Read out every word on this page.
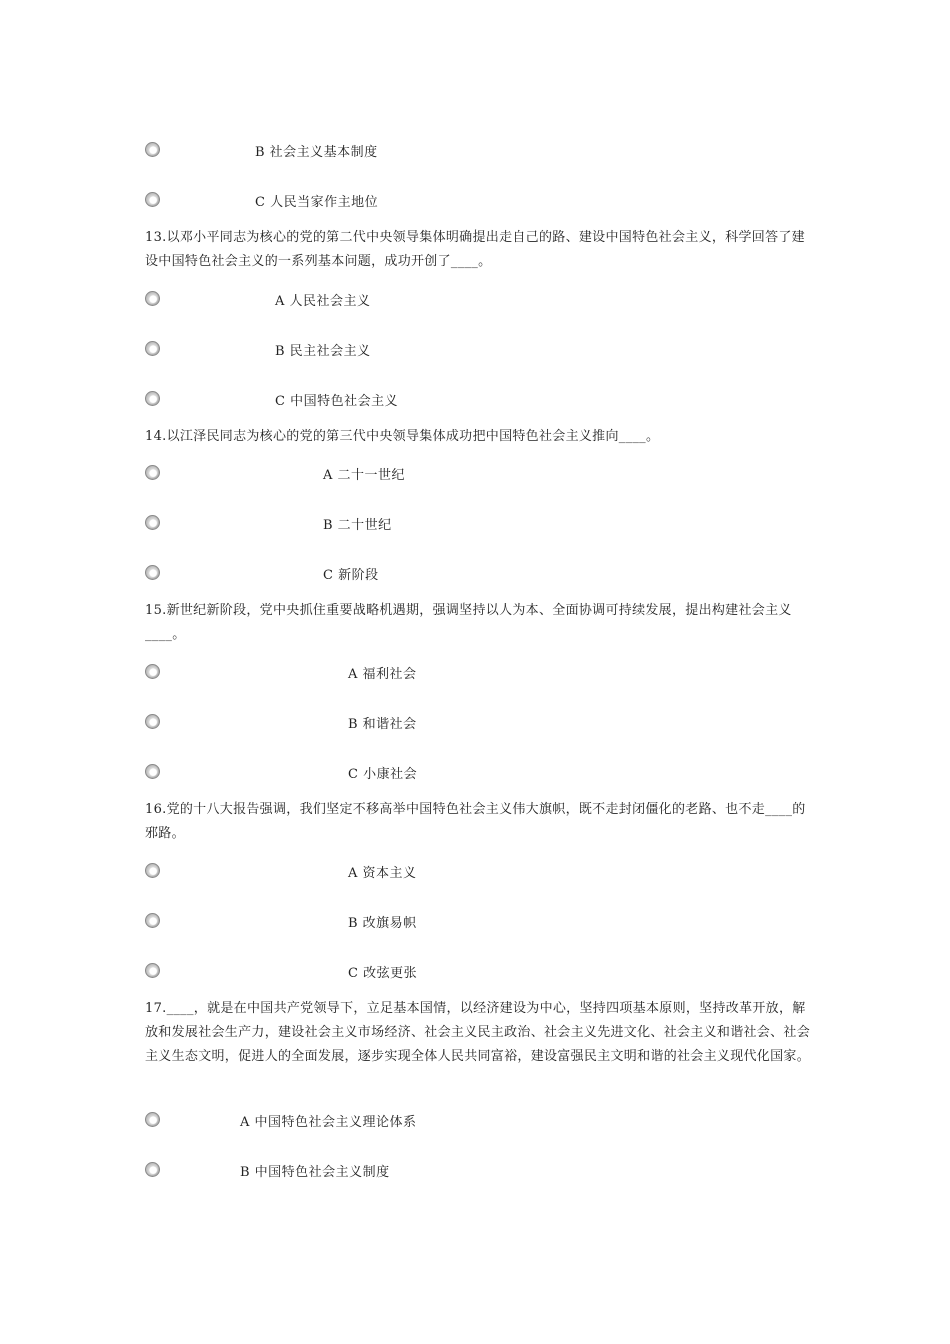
B 社会主义基本制度
C 人民当家作主地位
13.以邓小平同志为核心的党的第二代中央领导集体明确提出走自己的路、建设中国特色社会主义，科学回答了建设中国特色社会主义的一系列基本问题，成功开创了____。
A 人民社会主义
B 民主社会主义
C 中国特色社会主义
14.以江泽民同志为核心的党的第三代中央领导集体成功把中国特色社会主义推向____。
A 二十一世纪
B 二十世纪
C 新阶段
15.新世纪新阶段，党中央抓住重要战略机遇期，强调坚持以人为本、全面协调可持续发展，提出构建社会主义____。
A 福利社会
B 和谐社会
C 小康社会
16.党的十八大报告强调，我们坚定不移高举中国特色社会主义伟大旗帜，既不走封闭僵化的老路、也不走____的邪路。
A 资本主义
B 改旗易帜
C 改弦更张
17.____，就是在中国共产党领导下，立足基本国情，以经济建设为中心，坚持四项基本原则，坚持改革开放，解放和发展社会生产力，建设社会主义市场经济、社会主义民主政治、社会主义先进文化、社会主义和谐社会、社会主义生态文明，促进人的全面发展，逐步实现全体人民共同富裕，建设富强民主文明和谐的社会主义现代化国家。
A 中国特色社会主义理论体系
B 中国特色社会主义制度
